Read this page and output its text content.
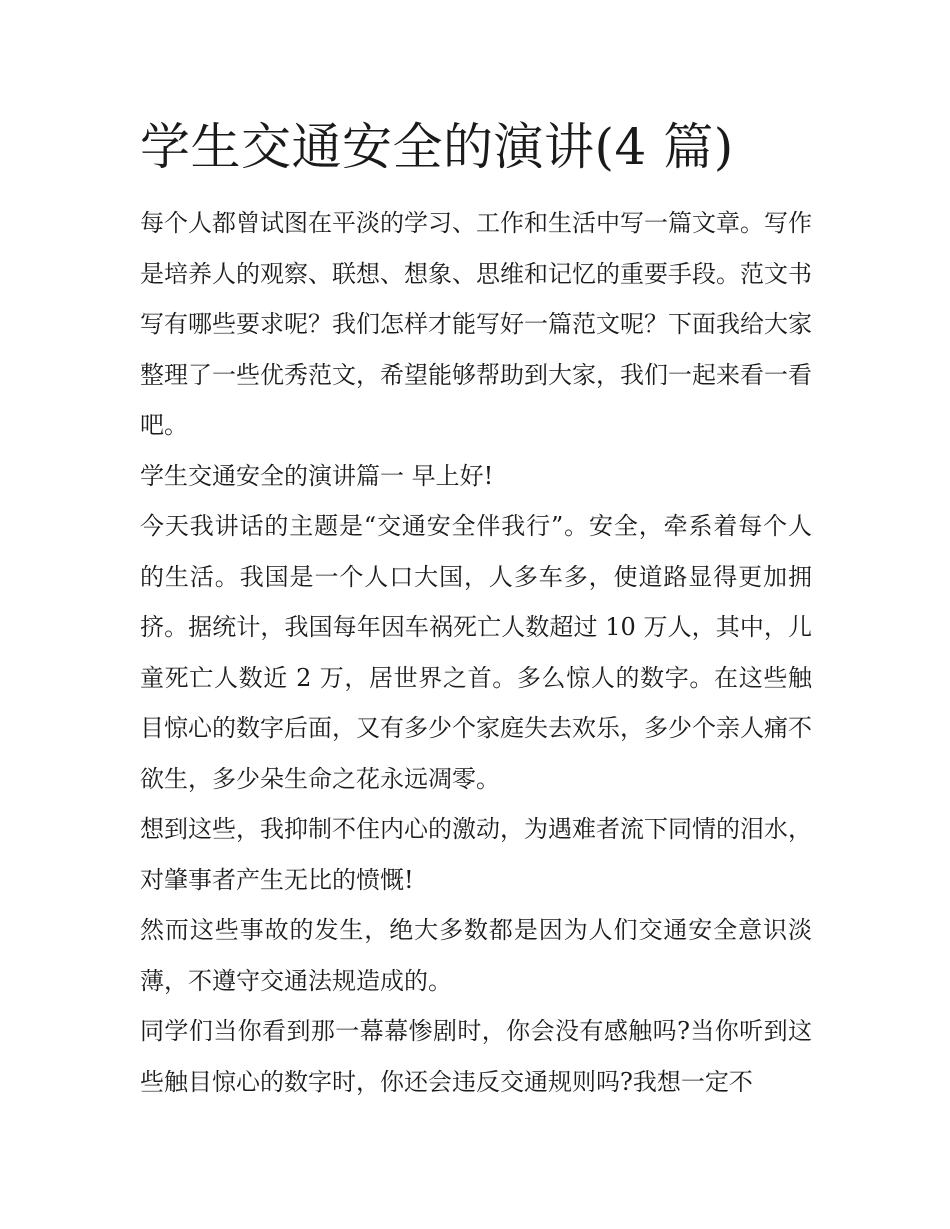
学生交通安全的演讲(4 篇)

每个人都曾试图在平淡的学习、工作和生活中写一篇文章。写作是培养人的观察、联想、想象、思维和记忆的重要手段。范文书写有哪些要求呢？我们怎样才能写好一篇范文呢？下面我给大家整理了一些优秀范文，希望能够帮助到大家，我们一起来看一看吧。

学生交通安全的演讲篇一 早上好!

今天我讲话的主题是“交通安全伴我行”。安全，牵系着每个人的生活。我国是一个人口大国，人多车多，使道路显得更加拥挤。据统计，我国每年因车祸死亡人数超过 10 万人，其中，儿童死亡人数近 2 万，居世界之首。多么惊人的数字。在这些触目惊心的数字后面，又有多少个家庭失去欢乐，多少个亲人痛不欲生，多少朵生命之花永远凋零。

想到这些，我抑制不住内心的激动，为遇难者流下同情的泪水，对肇事者产生无比的愤慨!

然而这些事故的发生，绝大多数都是因为人们交通安全意识淡薄，不遵守交通法规造成的。

同学们当你看到那一幕幕惨剧时，你会没有感触吗?当你听到这些触目惊心的数字时，你还会违反交通规则吗?我想一定不
